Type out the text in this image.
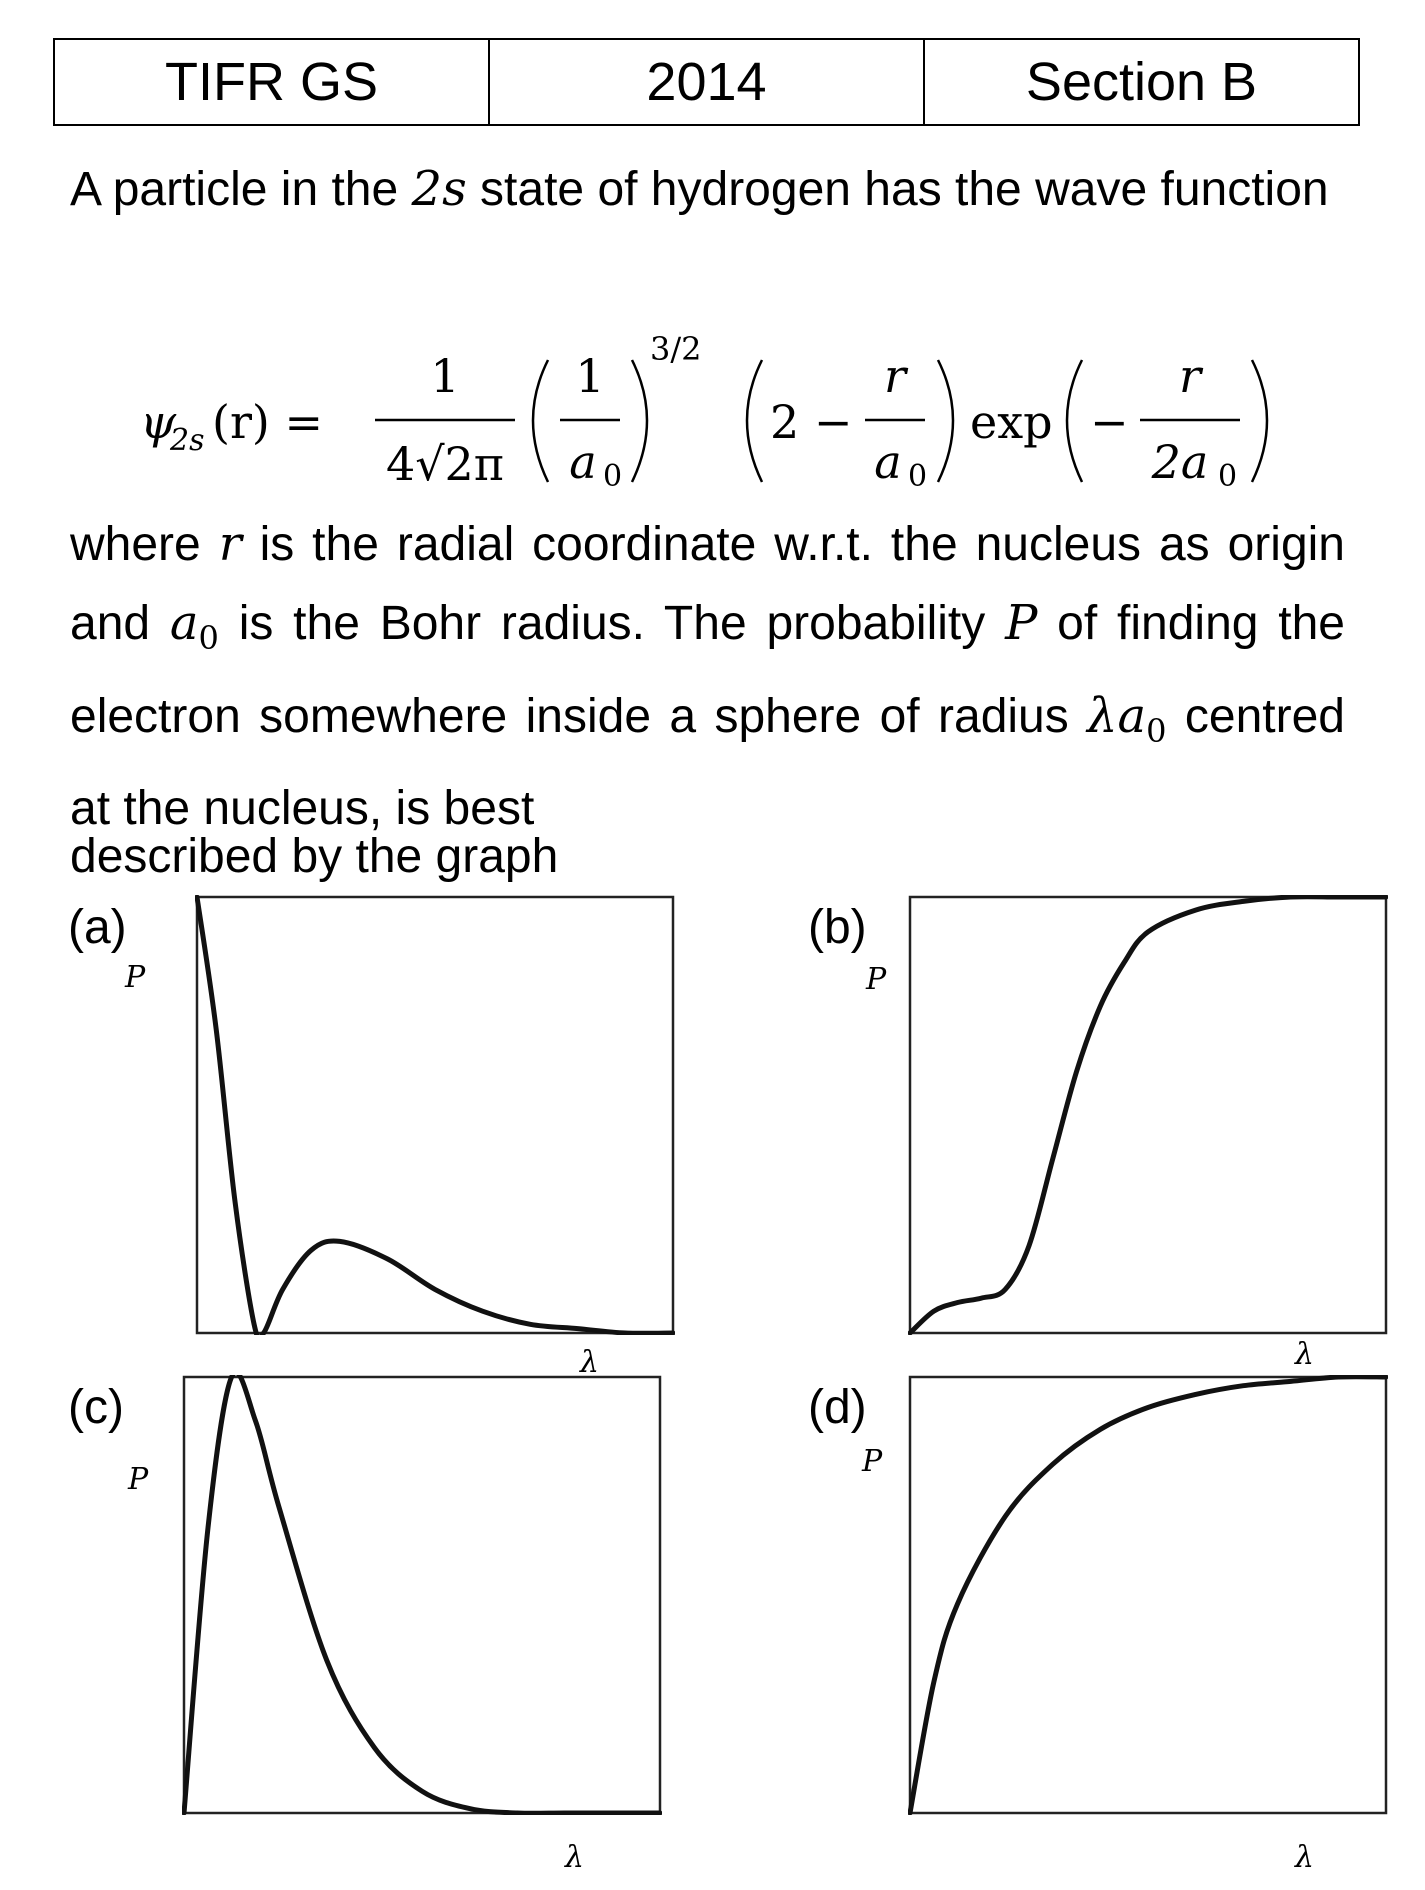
TIFR GS	2014	Section B
A particle in the 2s state of hydrogen has the wave function
ψ
2s (r) =
1
4√2π
1
a 0
3/2
2 −
r
a 0
exp −
r
2a 0
where r is the radial coordinate w.r.t. the nucleus as origin and $a_0$ is the Bohr radius. The probability P of finding the electron somewhere inside a sphere of radius $\lambda a_0$ centred at the nucleus, is best
described by the graph
(a)
P
λ
(b)
P
λ
(c)
P
λ
(d)
P
λ
